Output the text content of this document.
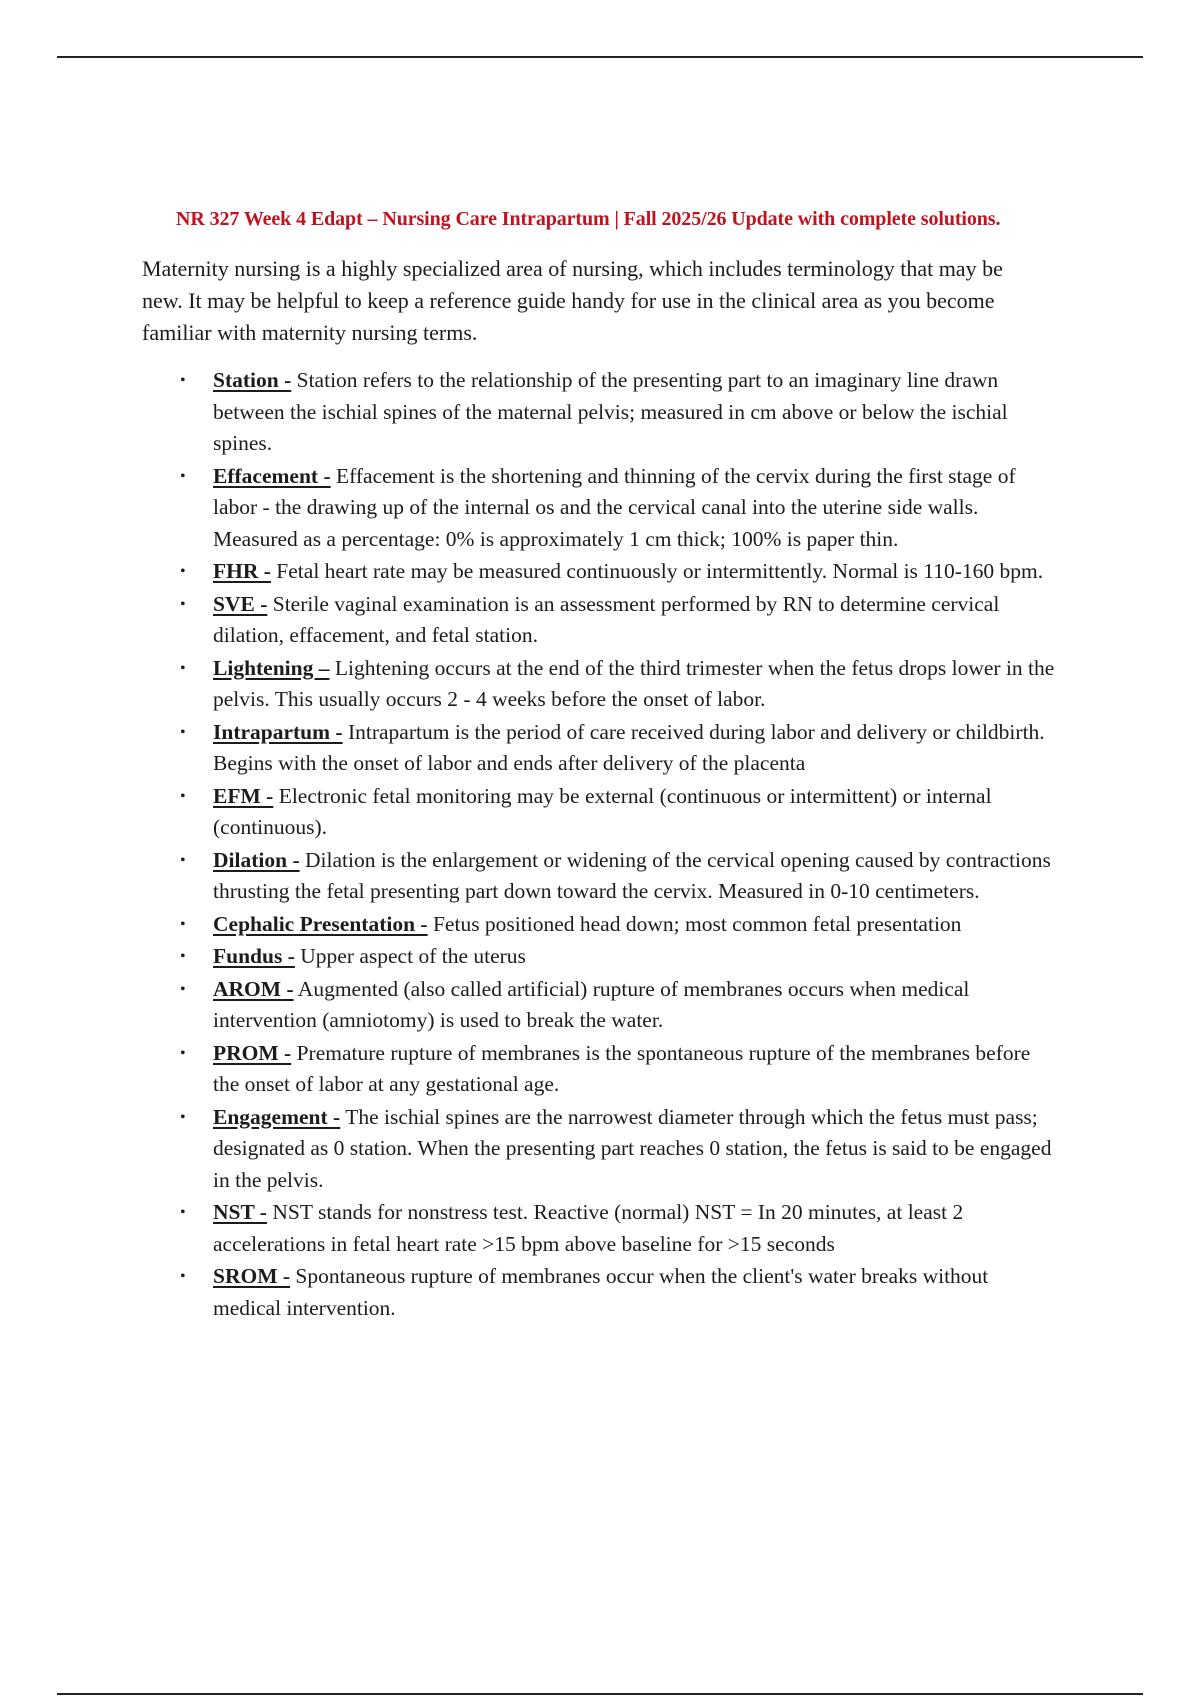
NR 327 Week 4 Edapt – Nursing Care Intrapartum | Fall 2025/26 Update with complete solutions.

Maternity nursing is a highly specialized area of nursing, which includes terminology that may be new. It may be helpful to keep a reference guide handy for use in the clinical area as you become familiar with maternity nursing terms.

• Station - Station refers to the relationship of the presenting part to an imaginary line drawn between the ischial spines of the maternal pelvis; measured in cm above or below the ischial spines.
• Effacement - Effacement is the shortening and thinning of the cervix during the first stage of labor - the drawing up of the internal os and the cervical canal into the uterine side walls. Measured as a percentage: 0% is approximately 1 cm thick; 100% is paper thin.
• FHR - Fetal heart rate may be measured continuously or intermittently. Normal is 110-160 bpm.
• SVE - Sterile vaginal examination is an assessment performed by RN to determine cervical dilation, effacement, and fetal station.
• Lightening – Lightening occurs at the end of the third trimester when the fetus drops lower in the pelvis. This usually occurs 2 - 4 weeks before the onset of labor.
• Intrapartum - Intrapartum is the period of care received during labor and delivery or childbirth. Begins with the onset of labor and ends after delivery of the placenta
• EFM - Electronic fetal monitoring may be external (continuous or intermittent) or internal (continuous).
• Dilation - Dilation is the enlargement or widening of the cervical opening caused by contractions thrusting the fetal presenting part down toward the cervix. Measured in 0-10 centimeters.
• Cephalic Presentation - Fetus positioned head down; most common fetal presentation
• Fundus - Upper aspect of the uterus
• AROM - Augmented (also called artificial) rupture of membranes occurs when medical intervention (amniotomy) is used to break the water.
• PROM - Premature rupture of membranes is the spontaneous rupture of the membranes before the onset of labor at any gestational age.
• Engagement - The ischial spines are the narrowest diameter through which the fetus must pass; designated as 0 station. When the presenting part reaches 0 station, the fetus is said to be engaged in the pelvis.
• NST - NST stands for nonstress test. Reactive (normal) NST = In 20 minutes, at least 2 accelerations in fetal heart rate >15 bpm above baseline for >15 seconds
• SROM - Spontaneous rupture of membranes occur when the client's water breaks without medical intervention.
